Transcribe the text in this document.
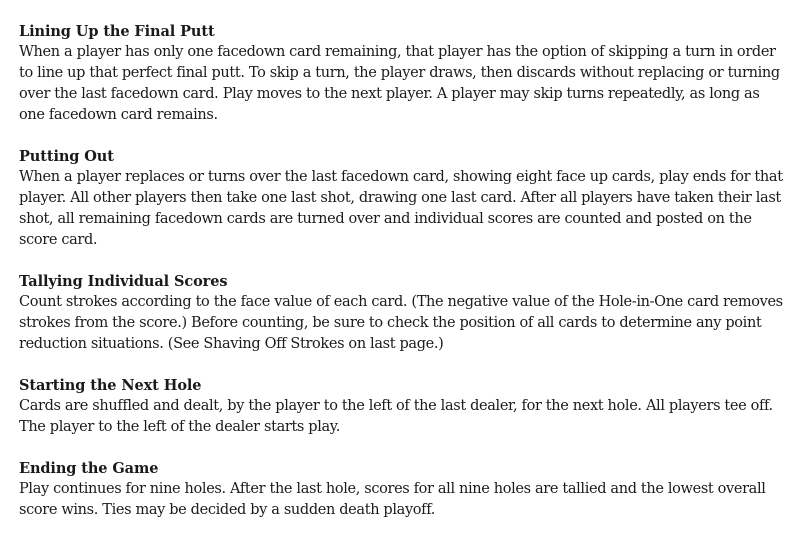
Lining Up the Final Putt

When a player has only one facedown card remaining, that player has the option of skipping a turn in order to line up that perfect final putt. To skip a turn, the player draws, then discards without replacing or turning over the last facedown card. Play moves to the next player. A player may skip turns repeatedly, as long as one facedown card remains.

Putting Out

When a player replaces or turns over the last facedown card, showing eight face up cards, play ends for that player. All other players then take one last shot, drawing one last card. After all players have taken their last shot, all remaining facedown cards are turned over and individual scores are counted and posted on the score card.

Tallying Individual Scores

Count strokes according to the face value of each card. (The negative value of the Hole-in-One card removes strokes from the score.) Before counting, be sure to check the position of all cards to determine any point reduction situations. (See Shaving Off Strokes on last page.)

Starting the Next Hole

Cards are shuffled and dealt, by the player to the left of the last dealer, for the next hole. All players tee off. The player to the left of the dealer starts play.

Ending the Game

Play continues for nine holes. After the last hole, scores for all nine holes are tallied and the lowest overall score wins. Ties may be decided by a sudden death playoff.
